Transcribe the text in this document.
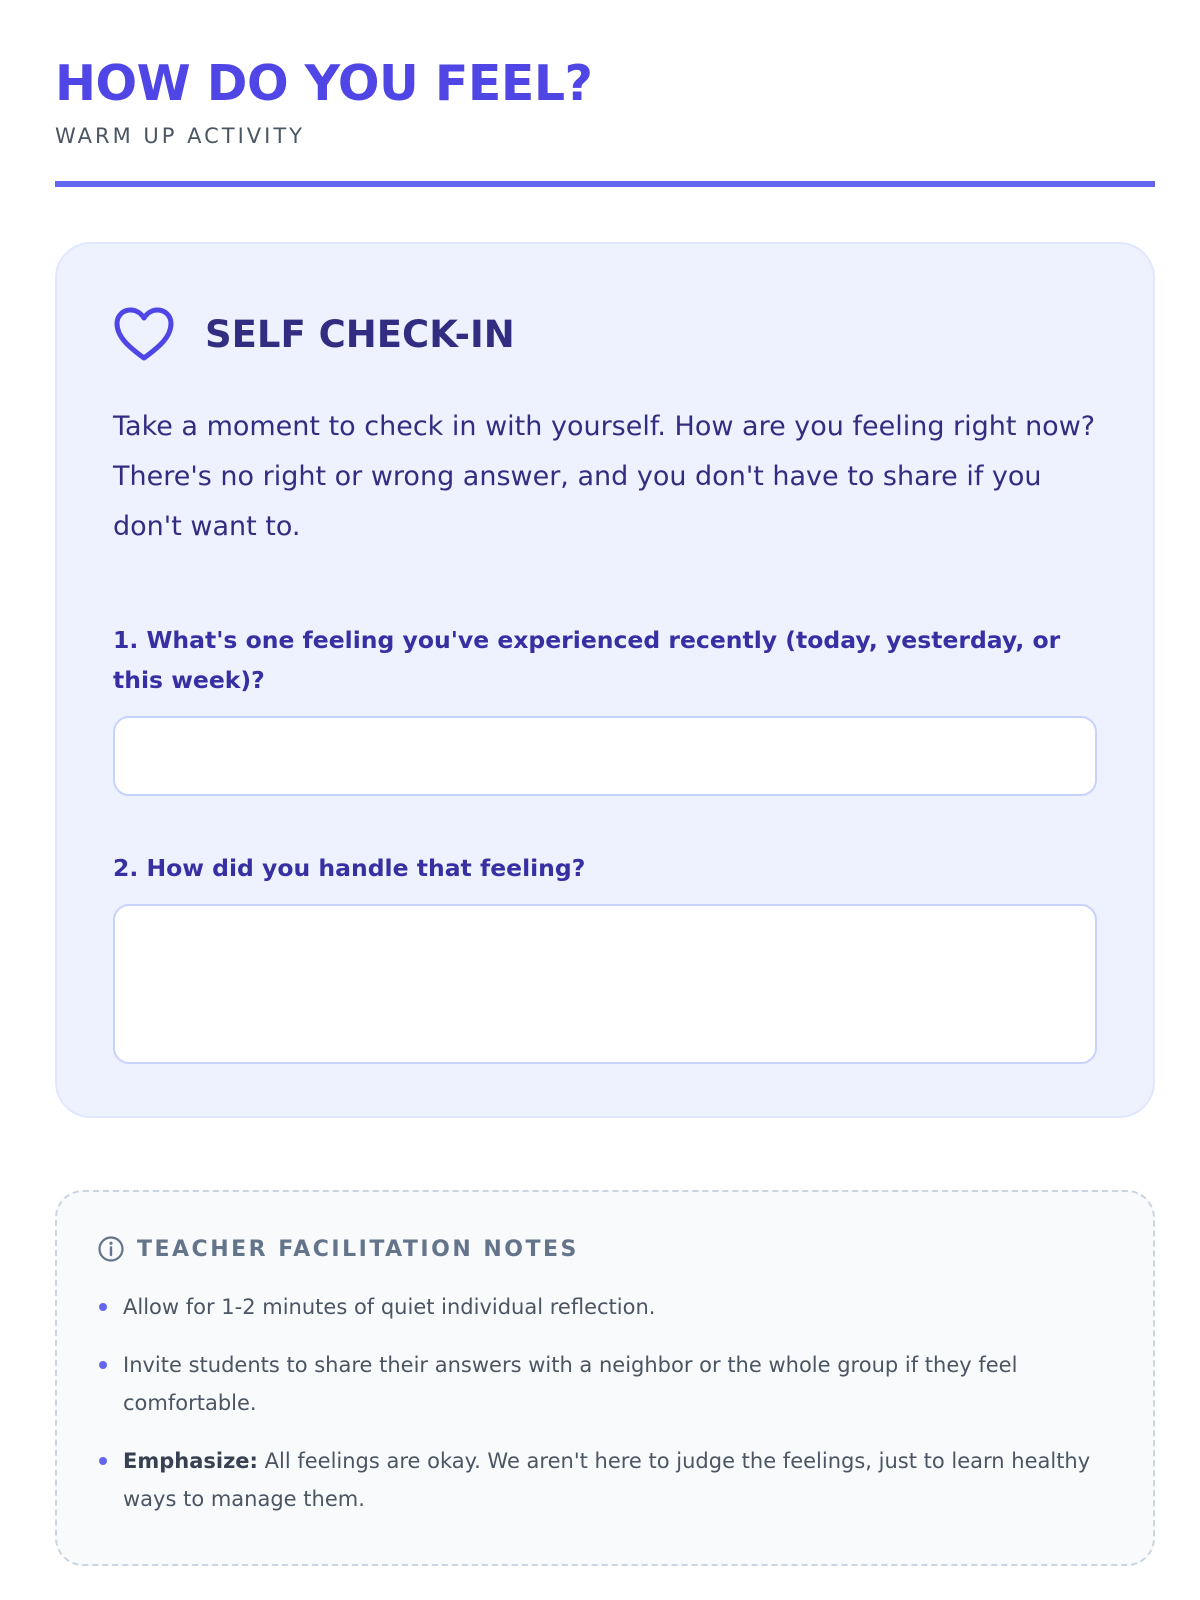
HOW DO YOU FEEL?
WARM UP ACTIVITY
SELF CHECK-IN

Take a moment to check in with yourself. How are you feeling right now? There's no right or wrong answer, and you don't have to share if you don't want to.

1. What's one feeling you've experienced recently (today, yesterday, or this week)?
2. How did you handle that feeling?
TEACHER FACILITATION NOTES
Allow for 1-2 minutes of quiet individual reflection.
Invite students to share their answers with a neighbor or the whole group if they feel comfortable.
Emphasize: All feelings are okay. We aren't here to judge the feelings, just to learn healthy ways to manage them.
